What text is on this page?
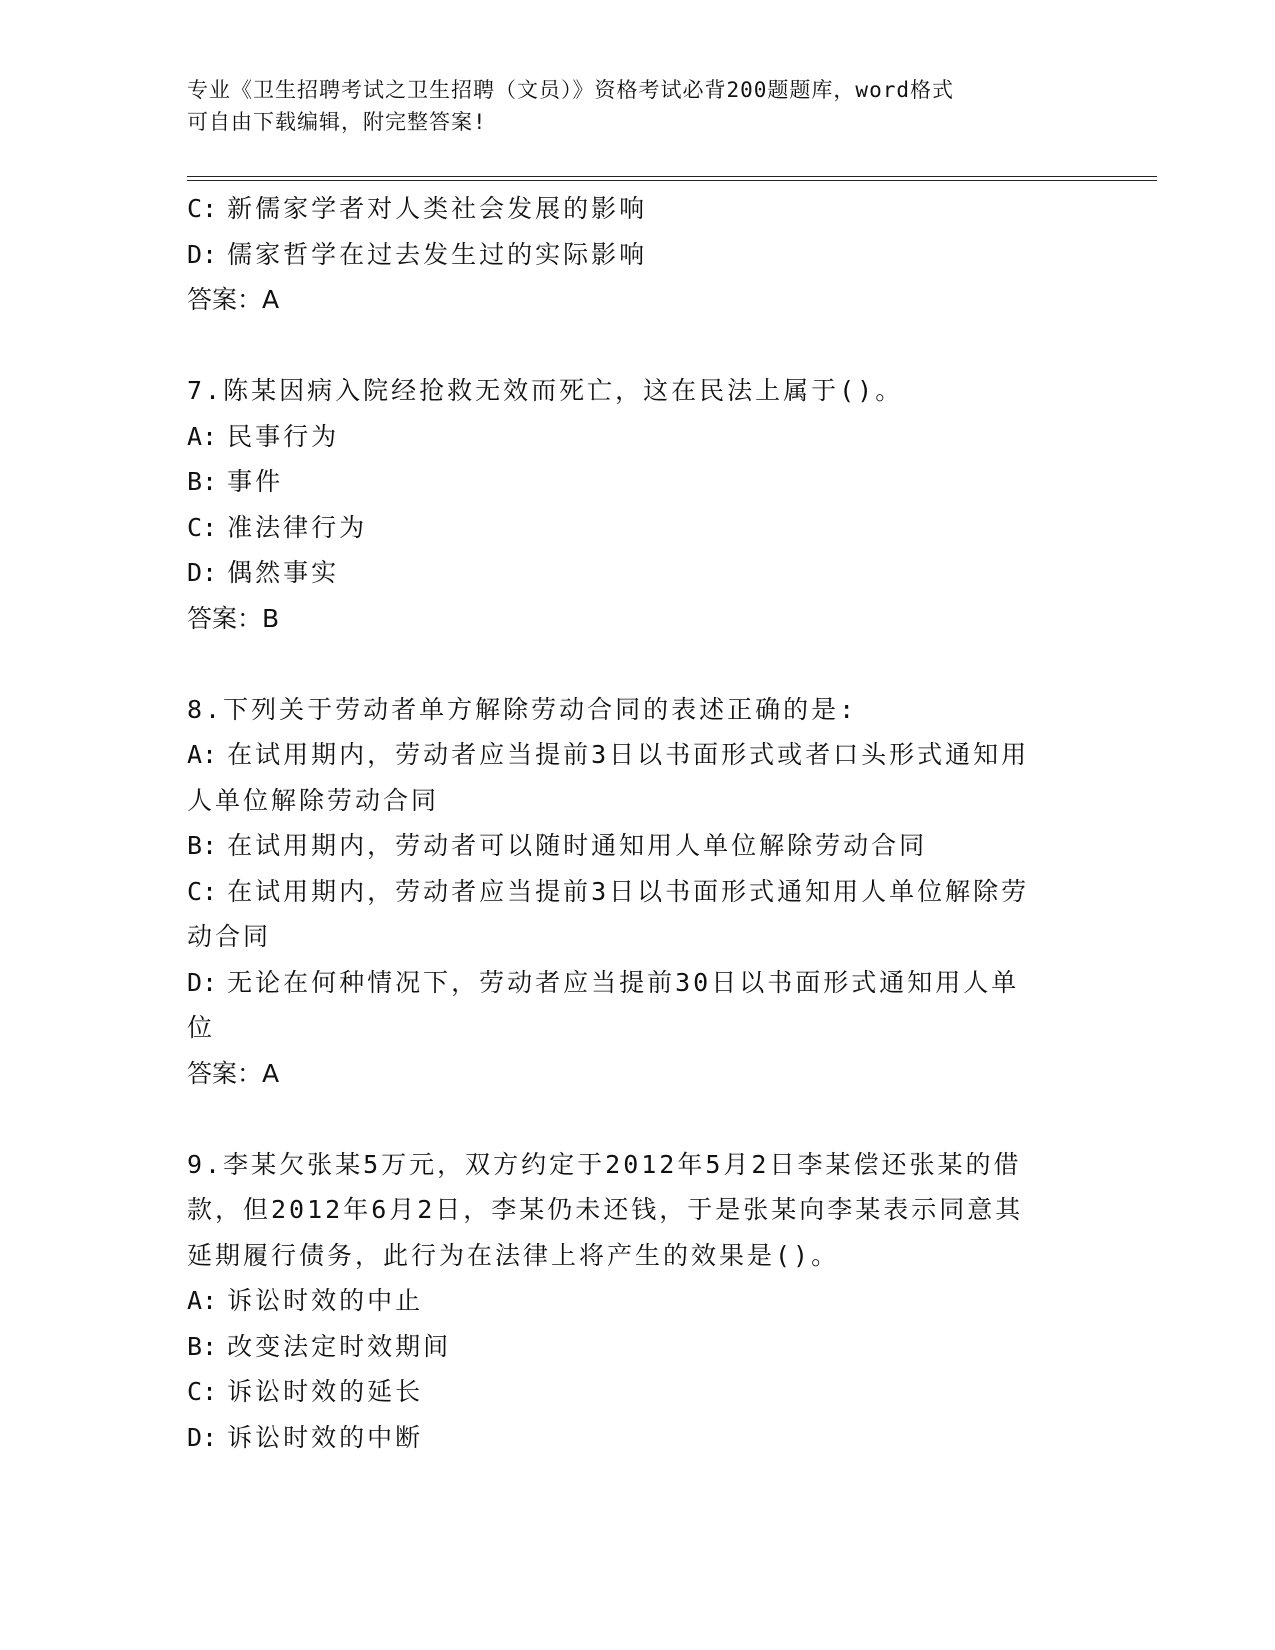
专业《卫生招聘考试之卫生招聘（文员）》资格考试必背200题题库，word格式
可自由下载编辑，附完整答案!
C: 新儒家学者对人类社会发展的影响
D: 儒家哲学在过去发生过的实际影响
答案：A
7.陈某因病入院经抢救无效而死亡，这在民法上属于()。
A: 民事行为
B: 事件
C: 准法律行为
D: 偶然事实
答案：B
8.下列关于劳动者单方解除劳动合同的表述正确的是:
A: 在试用期内，劳动者应当提前3日以书面形式或者口头形式通知用
人单位解除劳动合同
B: 在试用期内，劳动者可以随时通知用人单位解除劳动合同
C: 在试用期内，劳动者应当提前3日以书面形式通知用人单位解除劳
动合同
D: 无论在何种情况下，劳动者应当提前30日以书面形式通知用人单
位
答案：A
9.李某欠张某5万元，双方约定于2012年5月2日李某偿还张某的借
款，但2012年6月2日，李某仍未还钱，于是张某向李某表示同意其
延期履行债务，此行为在法律上将产生的效果是()。
A: 诉讼时效的中止
B: 改变法定时效期间
C: 诉讼时效的延长
D: 诉讼时效的中断
